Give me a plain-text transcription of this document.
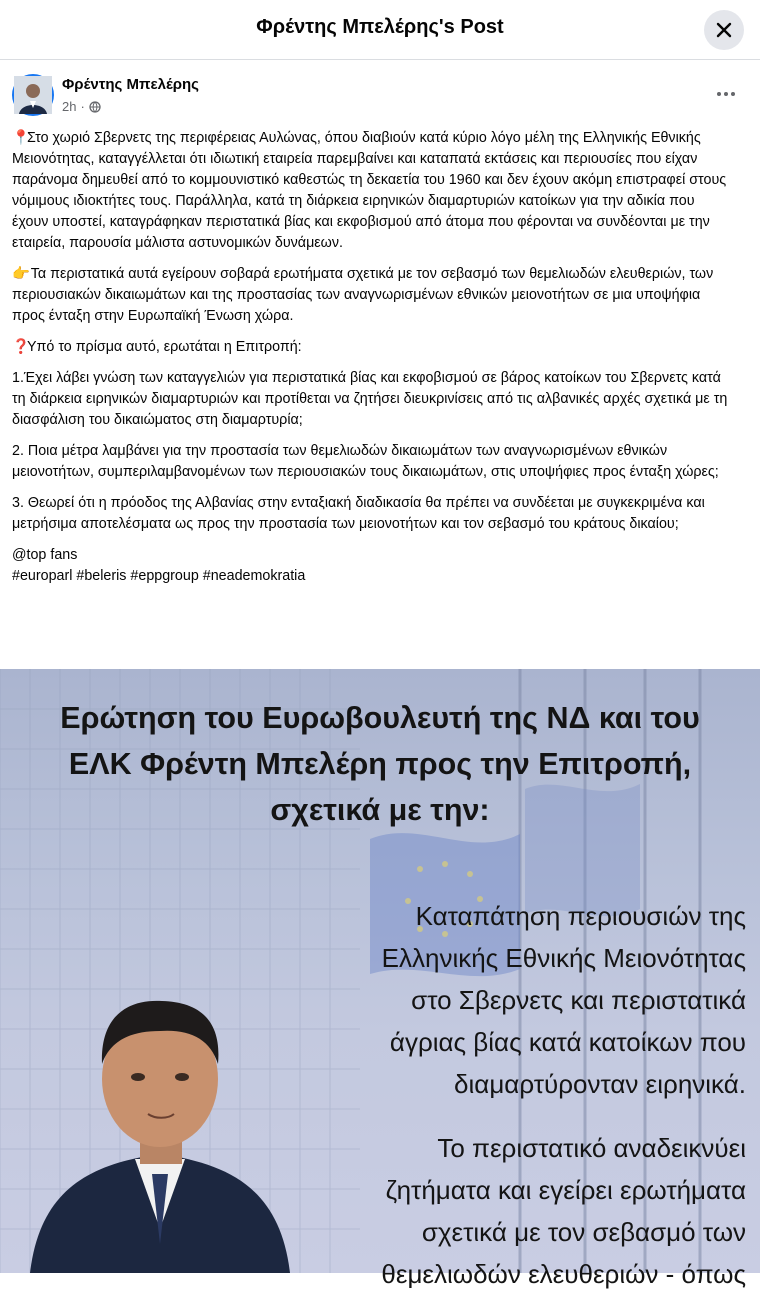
Φρέντης Μπελέρης's Post
Φρέντης Μπελέρης
2h ·

📍Στο χωριό Σβερνετς της περιφέρειας Αυλώνας, όπου διαβιούν κατά κύριο λόγο μέλη της Ελληνικής Εθνικής Μειονότητας, καταγγέλλεται ότι ιδιωτική εταιρεία παρεμβαίνει και καταπατά εκτάσεις και περιουσίες που είχαν παράνομα δημευθεί από το κομμουνιστικό καθεστώς τη δεκαετία του 1960 και δεν έχουν ακόμη επιστραφεί στους νόμιμους ιδιοκτήτες τους. Παράλληλα, κατά τη διάρκεια ειρηνικών διαμαρτυριών κατοίκων για την αδικία που έχουν υποστεί, καταγράφηκαν περιστατικά βίας και εκφοβισμού από άτομα που φέρονται να συνδέονται με την εταιρεία, παρουσία μάλιστα αστυνομικών δυνάμεων.

👉 Τα περιστατικά αυτά εγείρουν σοβαρά ερωτήματα σχετικά με τον σεβασμό των θεμελιωδών ελευθεριών, των περιουσιακών δικαιωμάτων και της προστασίας των αναγνωρισμένων εθνικών μειονοτήτων σε μια υποψήφια προς ένταξη στην Ευρωπαϊκή Ένωση χώρα.

❓Υπό το πρίσμα αυτό, ερωτάται η Επιτροπή:

1.Έχει λάβει γνώση των καταγγελιών για περιστατικά βίας και εκφοβισμού σε βάρος κατοίκων του Σβερνετς κατά τη διάρκεια ειρηνικών διαμαρτυριών και προτίθεται να ζητήσει διευκρινίσεις από τις αλβανικές αρχές σχετικά με τη διασφάλιση του δικαιώματος στη διαμαρτυρία;

2. Ποια μέτρα λαμβάνει για την προστασία των θεμελιωδών δικαιωμάτων των αναγνωρισμένων εθνικών μειονοτήτων, συμπεριλαμβανομένων των περιουσιακών τους δικαιωμάτων, στις υποψήφιες προς ένταξη χώρες;

3. Θεωρεί ότι η πρόοδος της Αλβανίας στην ενταξιακή διαδικασία θα πρέπει να συνδέεται με συγκεκριμένα και μετρήσιμα αποτελέσματα ως προς την προστασία των μειονοτήτων και τον σεβασμό του κράτους δικαίου;

@top fans

#europarl #beleris #eppgroup #neademokratia

Ερώτηση του Ευρωβουλευτή της ΝΔ και του
ΕΛΚ Φρέντη Μπελέρη προς την Επιτροπή,
σχετικά με την:
Καταπάτηση περιουσιών της
Ελληνικής Εθνικής Μειονότητας
στο Σβερνετς και περιστατικά
άγριας βίας κατά κατοίκων που
διαμαρτύρονταν ειρηνικά.
Το περιστατικό αναδεικνύει
ζητήματα και εγείρει ερωτήματα
σχετικά με τον σεβασμό των
θεμελιωδών ελευθεριών - όπως
